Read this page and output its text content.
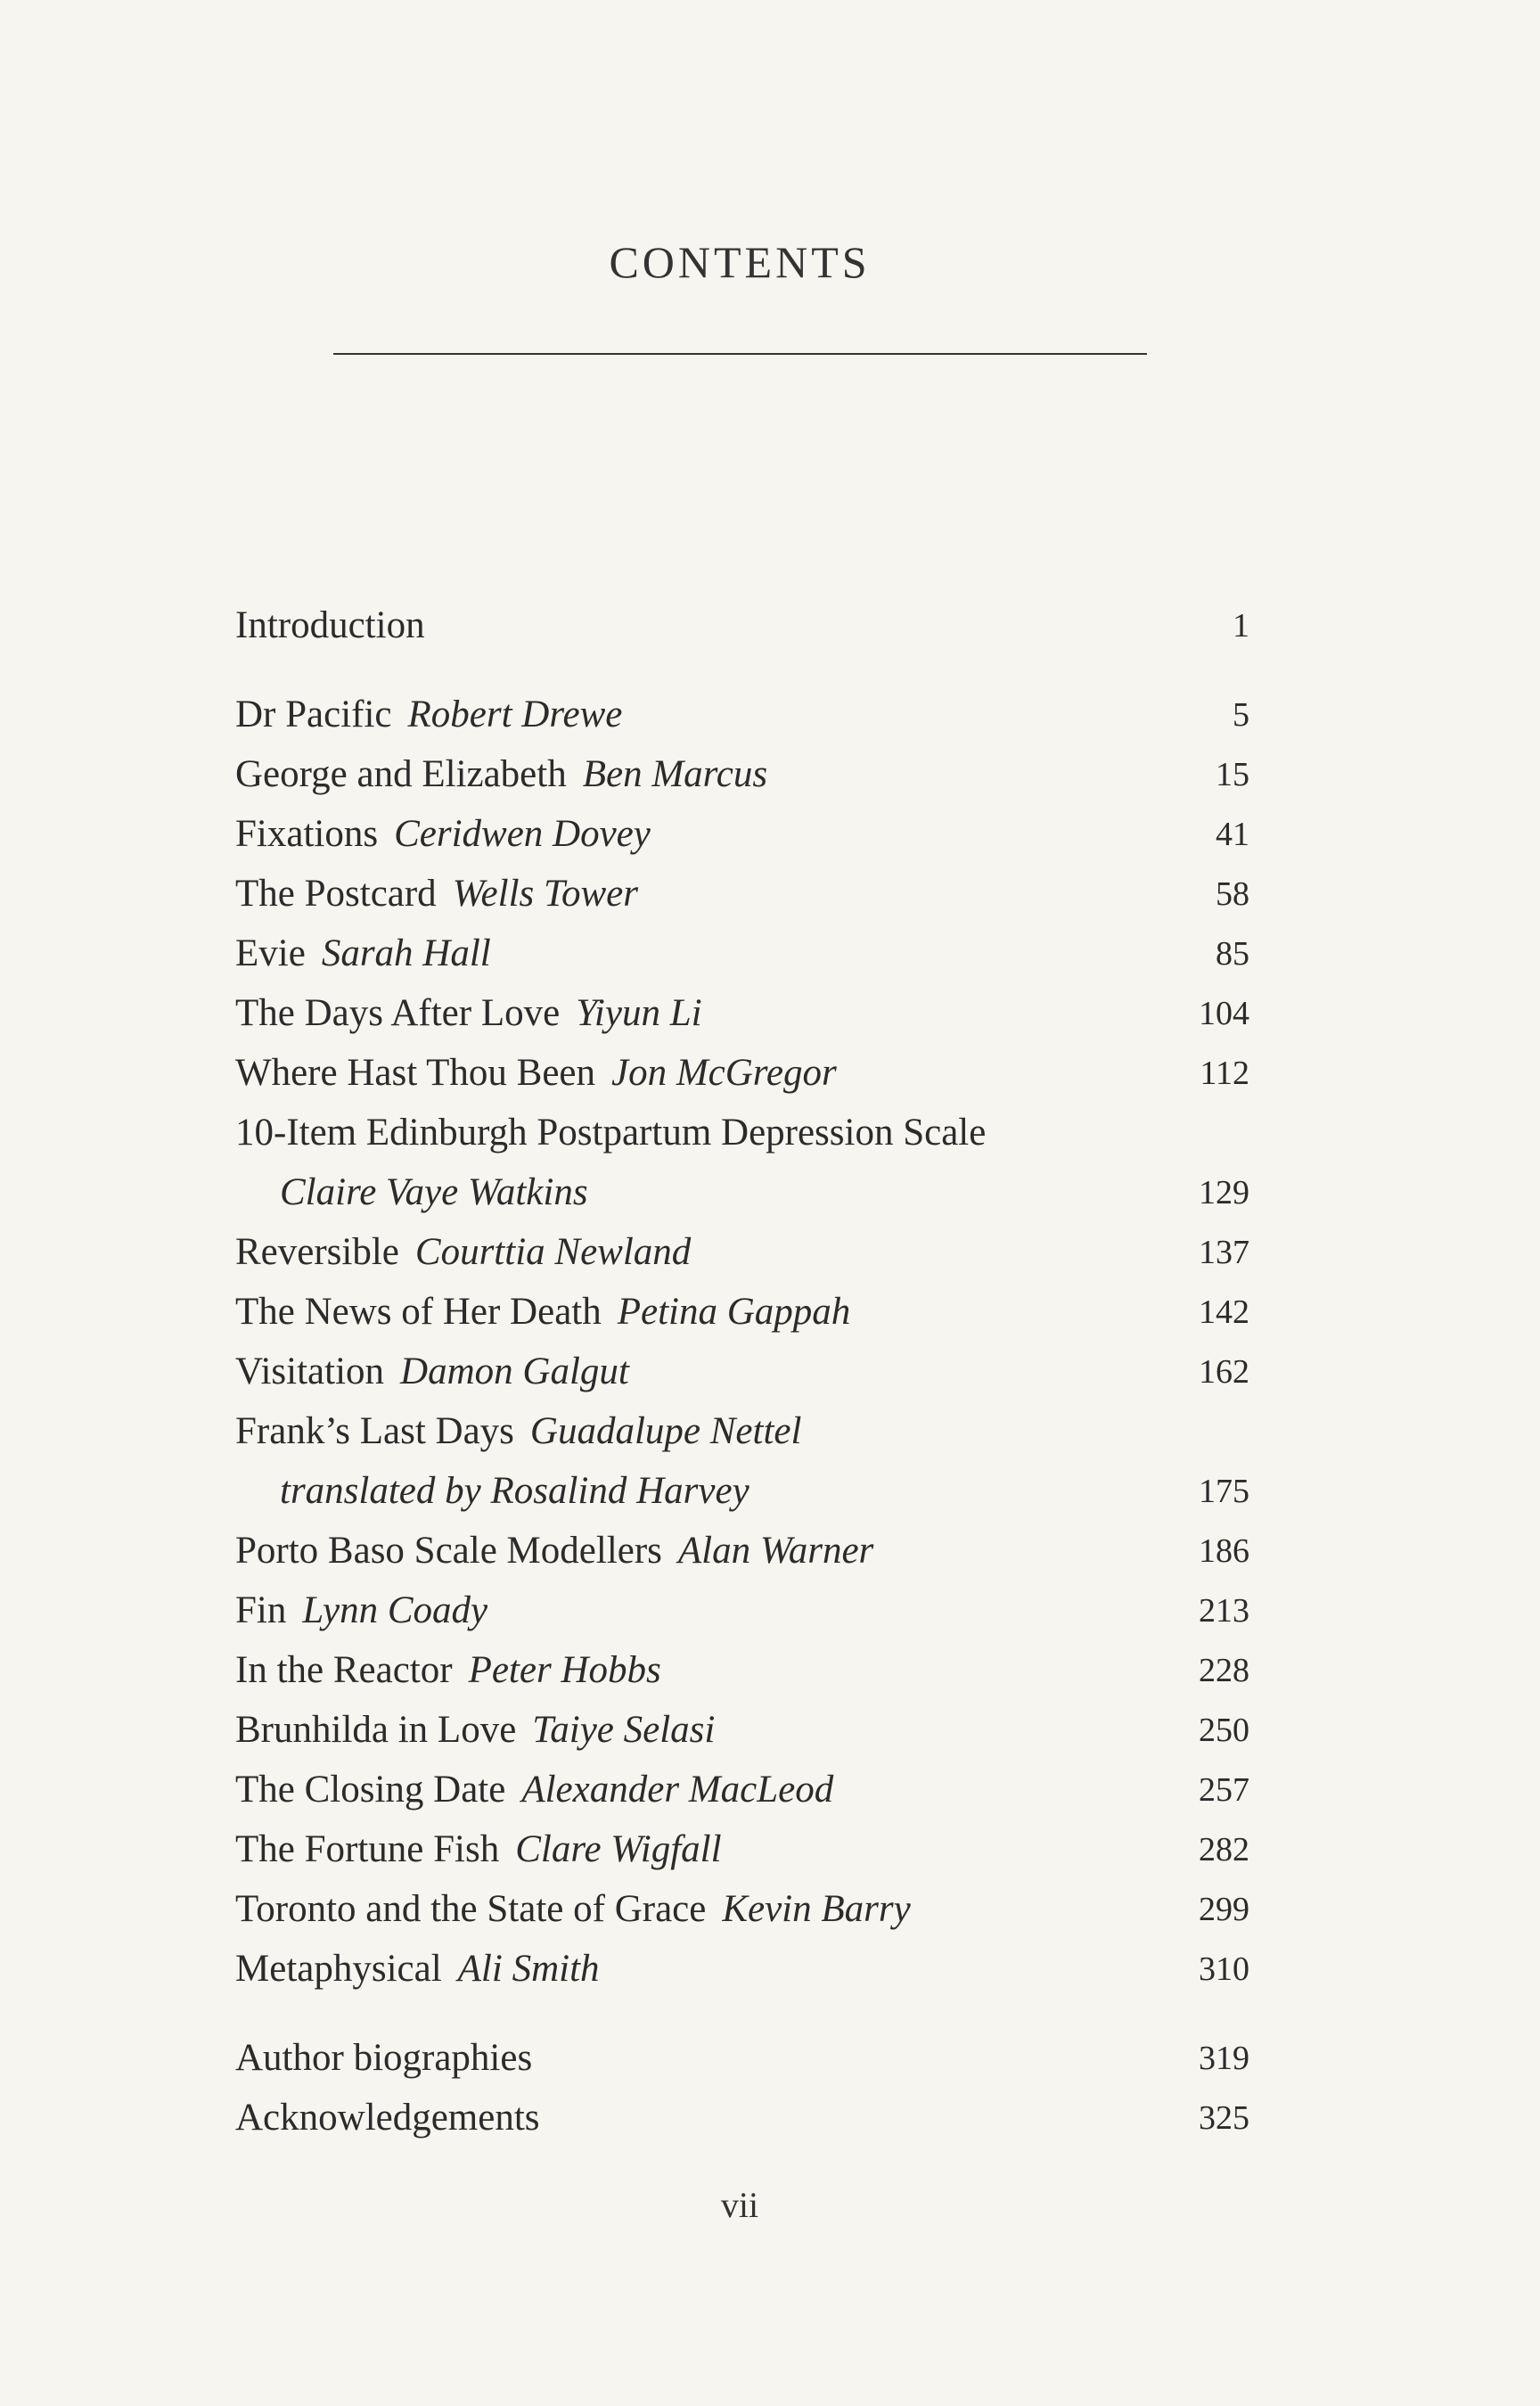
CONTENTS
Introduction	1
Dr Pacific Robert Drewe	5
George and Elizabeth Ben Marcus	15
Fixations Ceridwen Dovey	41
The Postcard Wells Tower	58
Evie Sarah Hall	85
The Days After Love Yiyun Li	104
Where Hast Thou Been Jon McGregor	112
10-Item Edinburgh Postpartum Depression Scale
Claire Vaye Watkins	129
Reversible Courttia Newland	137
The News of Her Death Petina Gappah	142
Visitation Damon Galgut	162
Frank’s Last Days Guadalupe Nettel
translated by Rosalind Harvey	175
Porto Baso Scale Modellers Alan Warner	186
Fin Lynn Coady	213
In the Reactor Peter Hobbs	228
Brunhilda in Love Taiye Selasi	250
The Closing Date Alexander MacLeod	257
The Fortune Fish Clare Wigfall	282
Toronto and the State of Grace Kevin Barry	299
Metaphysical Ali Smith	310
Author biographies	319
Acknowledgements	325
vii
